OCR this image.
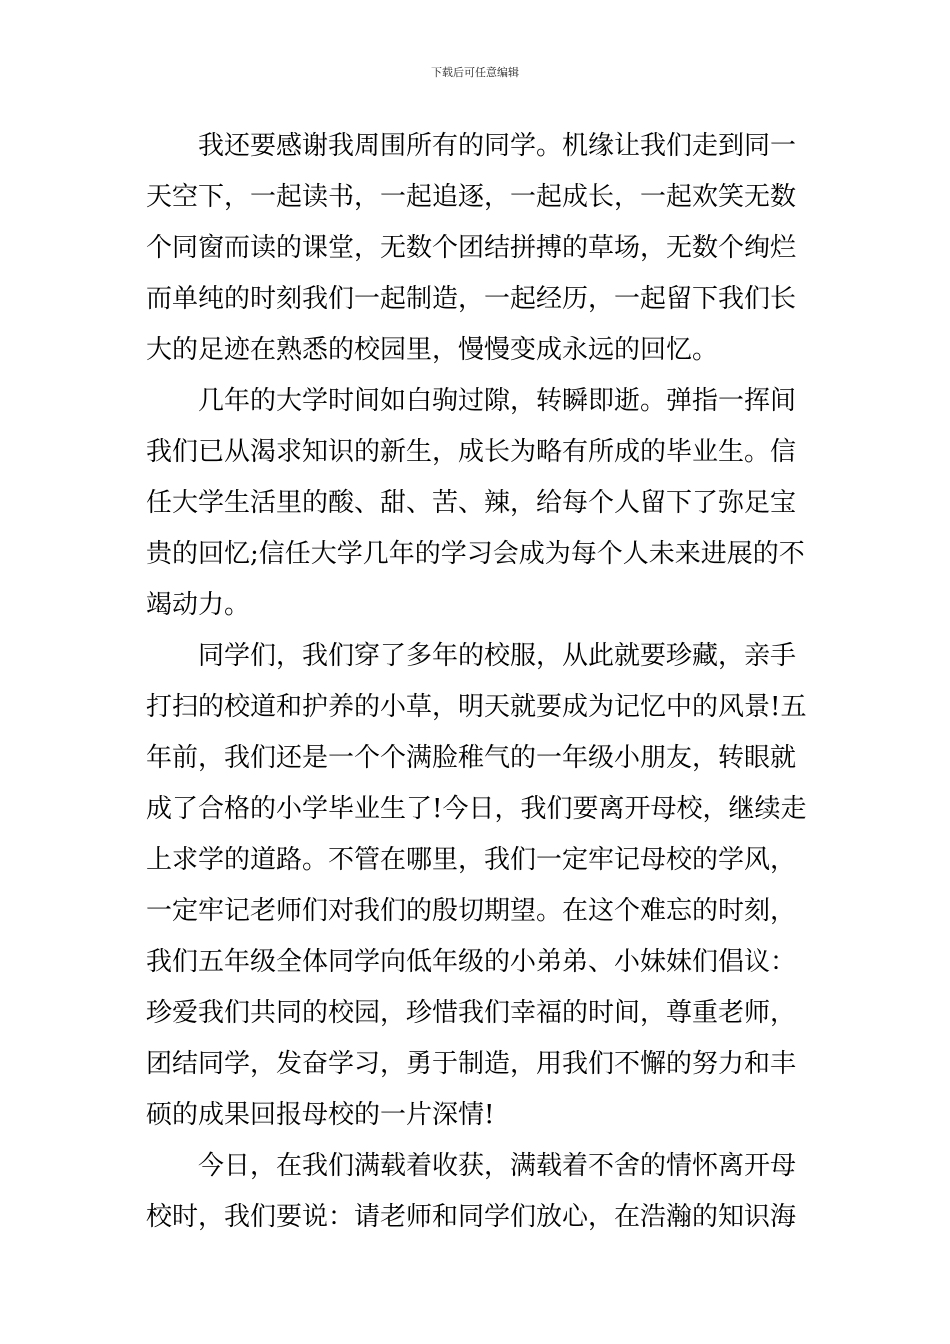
下载后可任意编辑
我还要感谢我周围所有的同学。机缘让我们走到同一
天空下，一起读书，一起追逐，一起成长，一起欢笑无数
个同窗而读的课堂，无数个团结拼搏的草场，无数个绚烂
而单纯的时刻我们一起制造，一起经历，一起留下我们长
大的足迹在熟悉的校园里，慢慢变成永远的回忆。
几年的大学时间如白驹过隙，转瞬即逝。弹指一挥间
我们已从渴求知识的新生，成长为略有所成的毕业生。信
任大学生活里的酸、甜、苦、辣，给每个人留下了弥足宝
贵的回忆;信任大学几年的学习会成为每个人未来进展的不
竭动力。
同学们，我们穿了多年的校服，从此就要珍藏，亲手
打扫的校道和护养的小草，明天就要成为记忆中的风景!五
年前，我们还是一个个满脸稚气的一年级小朋友，转眼就
成了合格的小学毕业生了!今日，我们要离开母校，继续走
上求学的道路。不管在哪里，我们一定牢记母校的学风，
一定牢记老师们对我们的殷切期望。在这个难忘的时刻，
我们五年级全体同学向低年级的小弟弟、小妹妹们倡议：
珍爱我们共同的校园，珍惜我们幸福的时间，尊重老师，
团结同学，发奋学习，勇于制造，用我们不懈的努力和丰
硕的成果回报母校的一片深情!
今日，在我们满载着收获，满载着不舍的情怀离开母
校时，我们要说：请老师和同学们放心，在浩瀚的知识海
